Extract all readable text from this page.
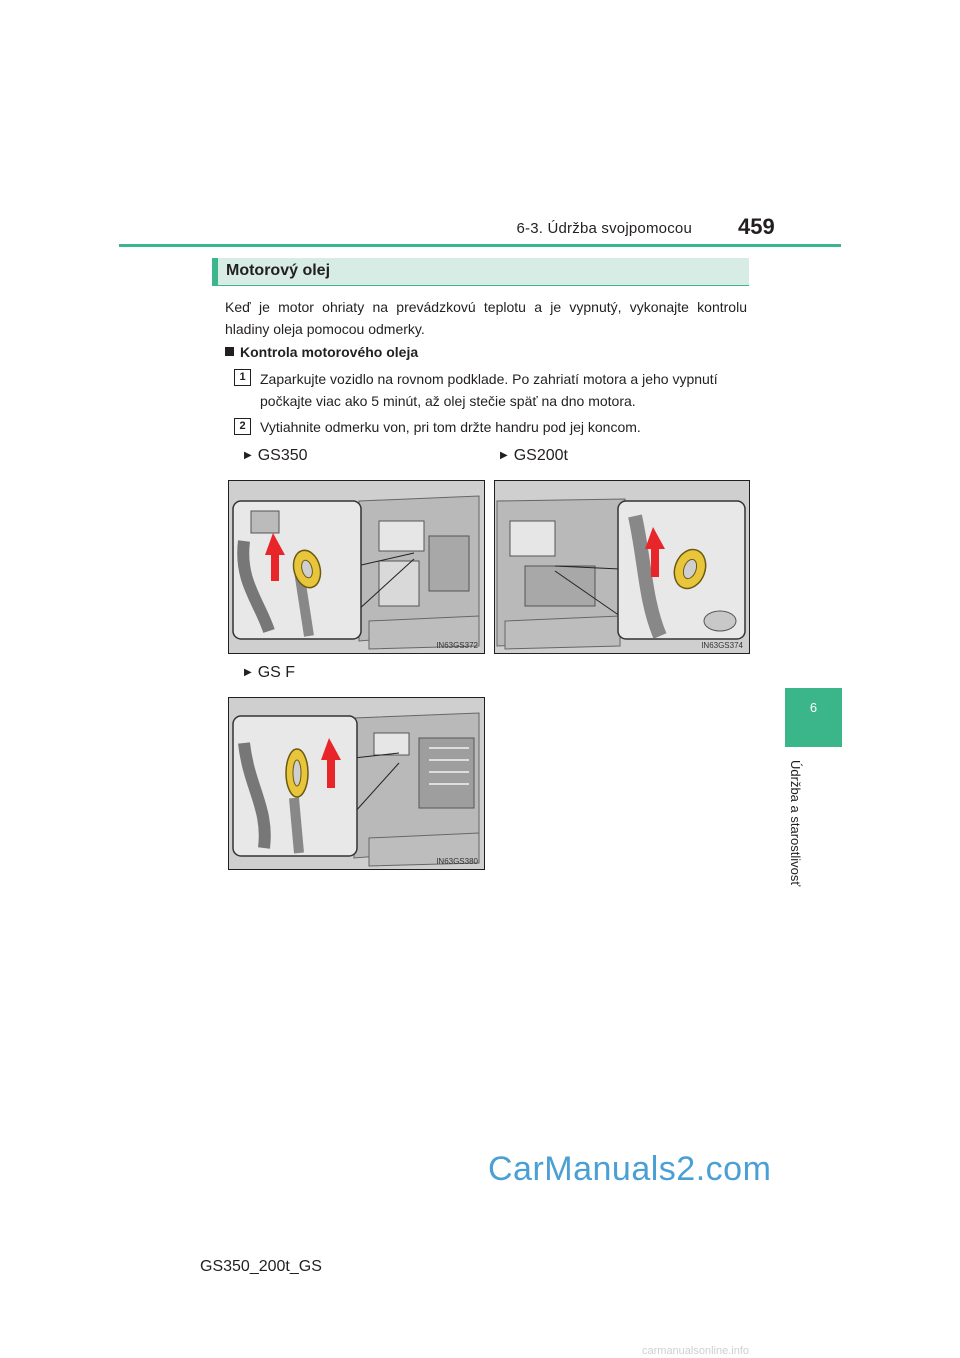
6-3. Údržba svojpomocou 459
6
Údržba a starostlivosť
Motorový olej
Keď je motor ohriaty na prevádzkovú teplotu a je vypnutý, vykonajte kontrolu hladiny oleja pomocou odmerky.
Kontrola motorového oleja
1	Zaparkujte vozidlo na rovnom podklade. Po zahriatí motora a jeho vypnutí počkajte viac ako 5 minút, až olej stečie späť na dno motora.
2	Vytiahnite odmerku von, pri tom držte handru pod jej koncom.
▶ GS350	▶ GS200t
▶ GS F
IN63GS372	IN63GS374
IN63GS380
GS350_200t_GS
CarManuals2.com
carmanualsonline.info
